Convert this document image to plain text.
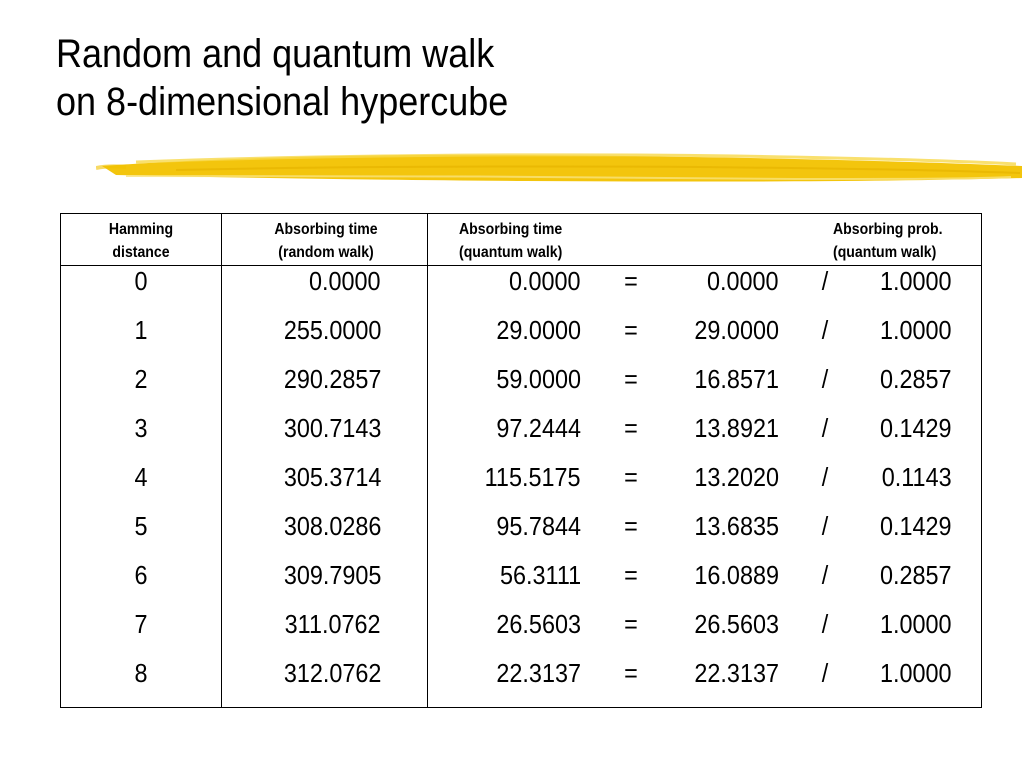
Random and quantum walk
on 8-dimensional hypercube
Hamming
distance
Absorbing time
(random walk)
Absorbing time
(quantum walk)
Absorbing prob.
(quantum walk)
0	0.0000	0.0000	=	0.0000	/	1.0000
1	255.0000	29.0000	=	29.0000	/	1.0000
2	290.2857	59.0000	=	16.8571	/	0.2857
3	300.7143	97.2444	=	13.8921	/	0.1429
4	305.3714	115.5175	=	13.2020	/	0.1143
5	308.0286	95.7844	=	13.6835	/	0.1429
6	309.7905	56.3111	=	16.0889	/	0.2857
7	311.0762	26.5603	=	26.5603	/	1.0000
8	312.0762	22.3137	=	22.3137	/	1.0000
